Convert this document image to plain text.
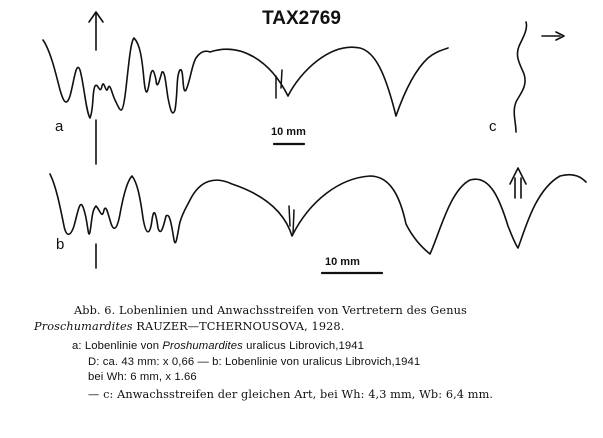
TAX2769
a	c
b
10 mm
10 mm
Abb. 6. Lobenlinien und Anwachsstreifen von Vertretern des Genus
Proschumardites RAUZER—TCHERNOUSOVA, 1928.
a: Lobenlinie von Proshumardites uralicus Librovich,1941
D: ca. 43 mm: x 0,66 — b: Lobenlinie von uralicus Librovich,1941
bei Wh: 6 mm, x 1.66
— c: Anwachsstreifen der gleichen Art, bei Wh: 4,3 mm, Wb: 6,4 mm.
